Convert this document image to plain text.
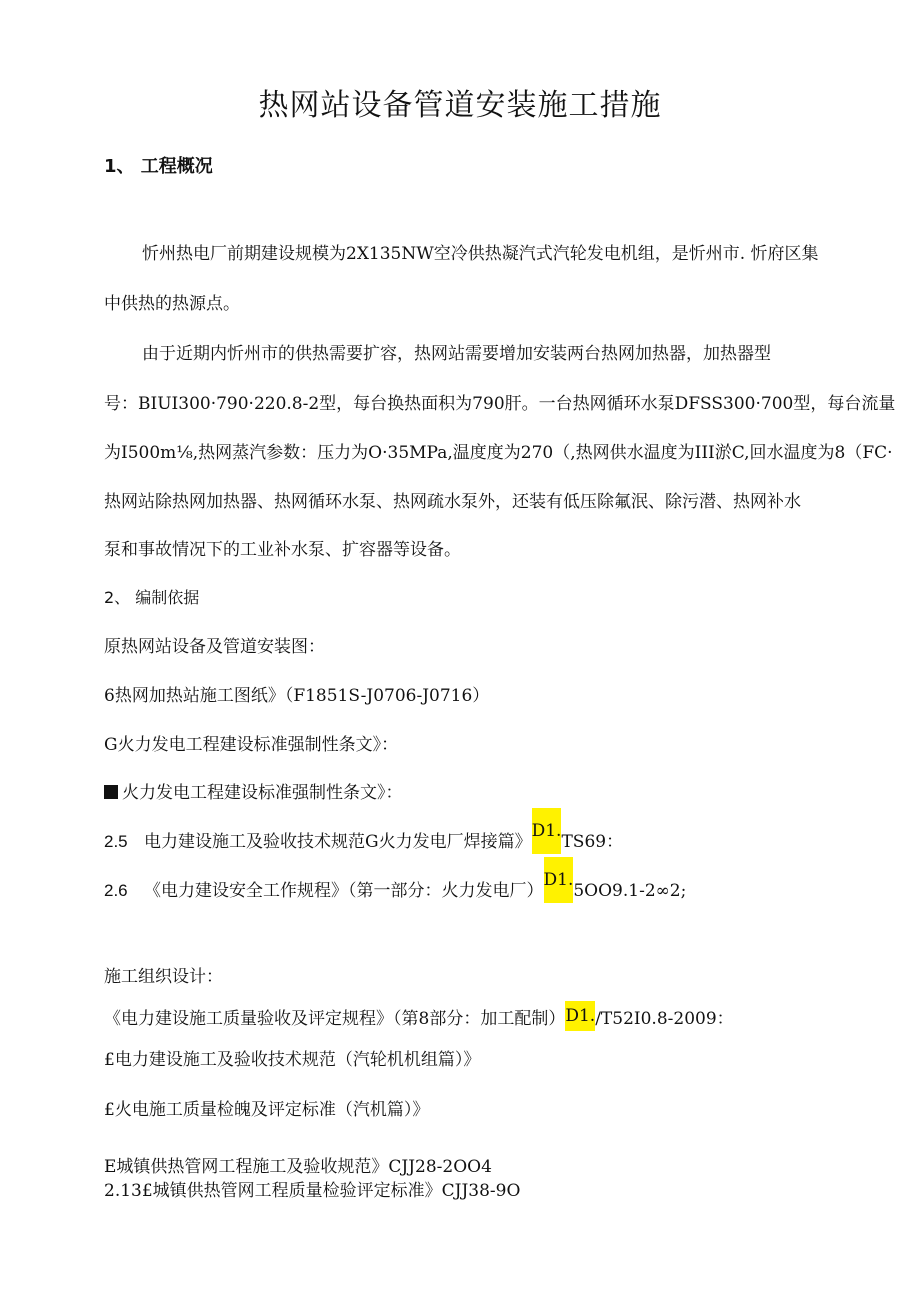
热网站设备管道安装施工措施
1、 工程概况
忻州热电厂前期建设规模为2X135NW空冷供热凝汽式汽轮发电机组，是忻州市. 忻府区集
中供热的热源点。
由于近期内忻州市的供热需要扩容，热网站需要增加安装两台热网加热器，加热器型
号：BIUI300·790·220.8-2型，每台换热面积为790肝。一台热网循环水泵DFSS300·700型，每台流量
为I500m⅛,热网蒸汽参数：压力为O·35MPa,温度度为270（,热网供水温度为III淤C,回水温度为8（FC·
热网站除热网加热器、热网循环水泵、热网疏水泵外，还装有低压除氟泯、除污潜、热网补水
泵和事故情况下的工业补水泵、扩容器等设备。
2、 编制依据
原热网站设备及管道安装图：
6热网加热站施工图纸》（F1851S-J0706-J0716）
G火力发电工程建设标准强制性条文》：
火力发电工程建设标准强制性条文》：
2.5 电力建设施工及验收技术规范G火力发电厂焊接篇》D1.TS69：
2.6 《电力建设安全工作规程》（第一部分：火力发电厂）D1.5OO9.1-2∞2;
施工组织设计：
《电力建设施工质量验收及评定规程》（第8部分：加工配制）D1./T52I0.8-2009：
£电力建设施工及验收技术规范（汽轮机机组篇）》
£火电施工质量检魄及评定标准（汽机篇）》
E城镇供热管网工程施工及验收规范》CJJ28-2OO4
2.13£城镇供热管网工程质量检验评定标准》CJJ38-9O
